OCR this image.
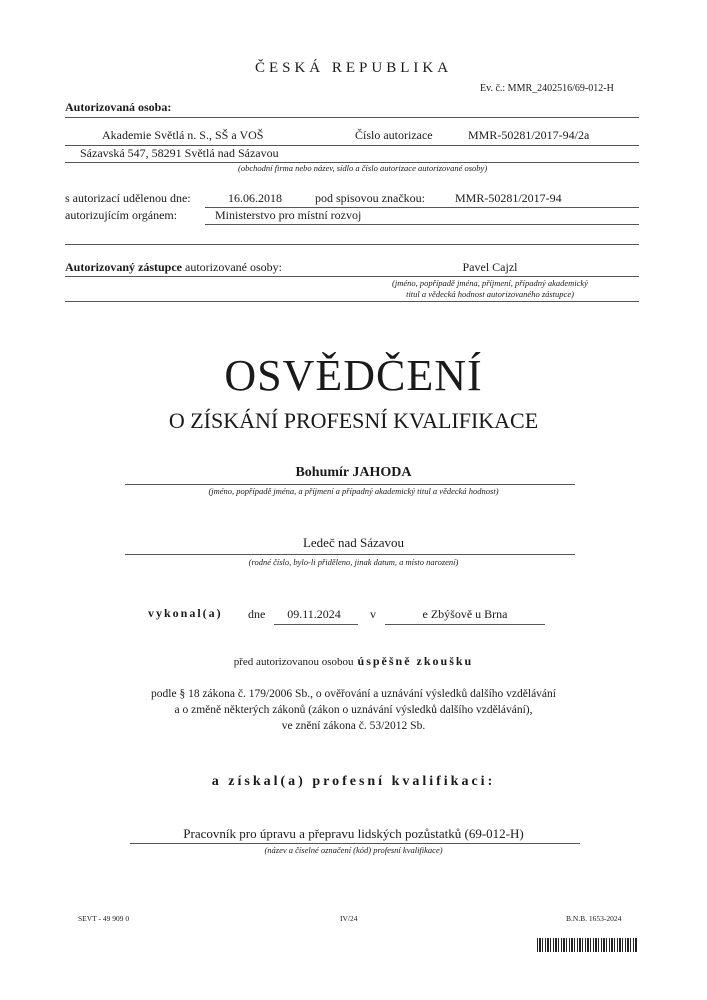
ČESKÁ REPUBLIKA
Ev. č.: MMR_2402516/69-012-H
Autorizovaná osoba:
Akademie Světlá n. S., SŠ a VOŠ	Číslo autorizace	MMR-50281/2017-94/2a
Sázavská 547, 58291 Světlá nad Sázavou
(obchodní firma nebo název, sídlo a číslo autorizace autorizované osoby)
s autorizací udělenou dne:	16.06.2018	pod spisovou značkou:	MMR-50281/2017-94
autorizujícím orgánem:	Ministerstvo pro místní rozvoj
Autorizovaný zástupce autorizované osoby:	Pavel Cajzl
(jméno, popřípadě jména, příjmení, případný akademický
titul a vědecká hodnost autorizovaného zástupce)
OSVĚDČENÍ
O ZÍSKÁNÍ PROFESNÍ KVALIFIKACE
Bohumír JAHODA
(jméno, popřípadě jména, a příjmení a případný akademický titul a vědecká hodnost)
Ledeč nad Sázavou
(rodné číslo, bylo-li přiděleno, jinak datum, a místo narození)
vykonal(a) dne	09.11.2024	v	e Zbýšově u Brna
před autorizovanou osobou úspěšně zkoušku
podle § 18 zákona č. 179/2006 Sb., o ověřování a uznávání výsledků dalšího vzdělávání
a o změně některých zákonů (zákon o uznávání výsledků dalšího vzdělávání),
ve znění zákona č. 53/2012 Sb.
a získal(a) profesní kvalifikaci:
Pracovník pro úpravu a přepravu lidských pozůstatků (69-012-H)
(název a číselné označení (kód) profesní kvalifikace)
SEVT - 49 909 0	IV/24	B.N.B. 1653-2024
